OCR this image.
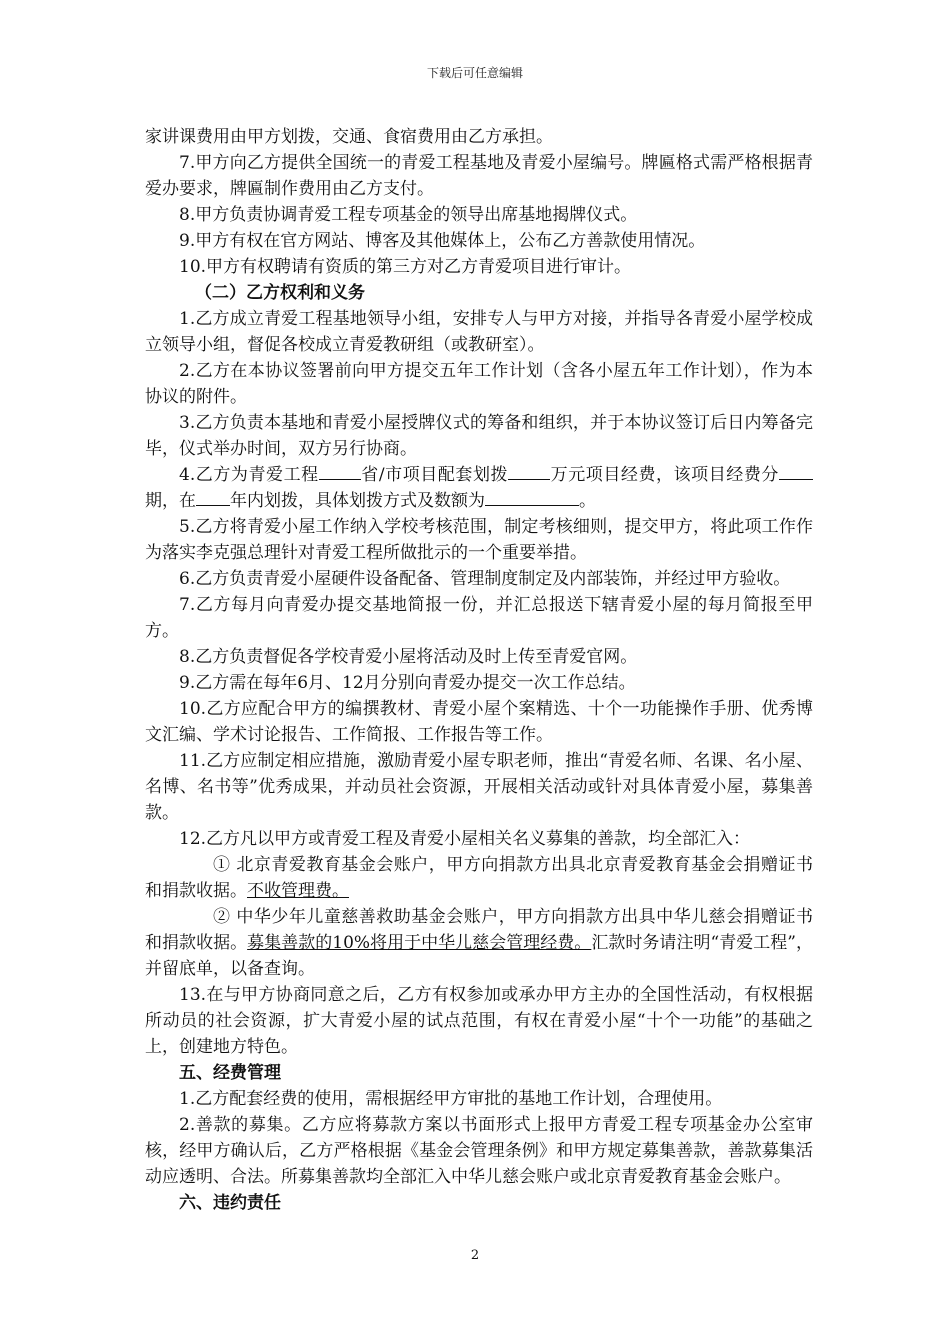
下载后可任意编辑

家讲课费用由甲方划拨，交通、食宿费用由乙方承担。

7.甲方向乙方提供全国统一的青爱工程基地及青爱小屋编号。牌匾格式需严格根据青爱办要求，牌匾制作费用由乙方支付。

8.甲方负责协调青爱工程专项基金的领导出席基地揭牌仪式。

9.甲方有权在官方网站、博客及其他媒体上，公布乙方善款使用情况。

10.甲方有权聘请有资质的第三方对乙方青爱项目进行审计。

（二）乙方权利和义务

1.乙方成立青爱工程基地领导小组，安排专人与甲方对接，并指导各青爱小屋学校成立领导小组，督促各校成立青爱教研组（或教研室）。

2.乙方在本协议签署前向甲方提交五年工作计划（含各小屋五年工作计划），作为本协议的附件。

3.乙方负责本基地和青爱小屋授牌仪式的筹备和组织，并于本协议签订后日内筹备完毕，仪式举办时间，双方另行协商。

4.乙方为青爱工程 省/市项目配套划拨 万元项目经费，该项目经费分期，在 年内划拨，具体划拨方式及数额为	。

5.乙方将青爱小屋工作纳入学校考核范围，制定考核细则，提交甲方，将此项工作作为落实李克强总理针对青爱工程所做批示的一个重要举措。

6.乙方负责青爱小屋硬件设备配备、管理制度制定及内部装饰，并经过甲方验收。

7.乙方每月向青爱办提交基地简报一份，并汇总报送下辖青爱小屋的每月简报至甲方。

8.乙方负责督促各学校青爱小屋将活动及时上传至青爱官网。

9.乙方需在每年6月、12月分别向青爱办提交一次工作总结。

10.乙方应配合甲方的编撰教材、青爱小屋个案精选、十个一功能操作手册、优秀博文汇编、学术讨论报告、工作简报、工作报告等工作。

11.乙方应制定相应措施，激励青爱小屋专职老师，推出“青爱名师、名课、名小屋、名博、名书等”优秀成果，并动员社会资源，开展相关活动或针对具体青爱小屋，募集善款。

12.乙方凡以甲方或青爱工程及青爱小屋相关名义募集的善款，均全部汇入：

① 北京青爱教育基金会账户，甲方向捐款方出具北京青爱教育基金会捐赠证书和捐款收据。不收管理费。

② 中华少年儿童慈善救助基金会账户，甲方向捐款方出具中华儿慈会捐赠证书和捐款收据。募集善款的10%将用于中华儿慈会管理经费。汇款时务请注明“青爱工程”，并留底单，以备查询。

13.在与甲方协商同意之后，乙方有权参加或承办甲方主办的全国性活动，有权根据所动员的社会资源，扩大青爱小屋的试点范围，有权在青爱小屋“十个一功能”的基础之上，创建地方特色。

五、经费管理

1.乙方配套经费的使用，需根据经甲方审批的基地工作计划，合理使用。

2.善款的募集。乙方应将募款方案以书面形式上报甲方青爱工程专项基金办公室审核，经甲方确认后，乙方严格根据《基金会管理条例》和甲方规定募集善款，善款募集活动应透明、合法。所募集善款均全部汇入中华儿慈会账户或北京青爱教育基金会账户。

六、违约责任

2
